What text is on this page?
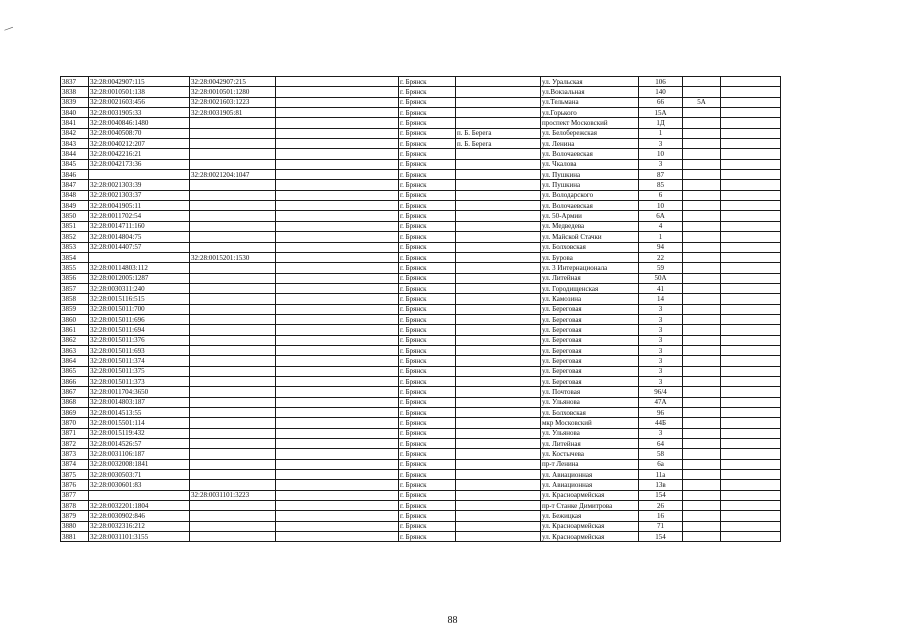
—
3837	32:28:0042907:115	32:28:0042907:215		г. Брянск		ул. Уральская	106		
3838	32:28:0010501:138	32:28:0010501:1280		г. Брянск		ул.Вокзальная	140		
3839	32:28:0021603:456	32:28:0021603:1223		г. Брянск		ул.Тельмана	66	5А	
3840	32:28:0031905:33	32:28:0031905:81		г. Брянск		ул.Горького	15А		
3841	32:28:0040846:1480			г. Брянск		проспект Московский	1Д		
3842	32:28:0040508:70			г. Брянск	п. Б. Берега	ул. Белобережская	1		
3843	32:28:0040212:207			г. Брянск	п. Б. Берега	ул. Ленина	3		
3844	32:28:0042216:21			г. Брянск		ул. Волочаевская	10		
3845	32:28:0042173:36			г. Брянск		ул. Чкалова	3		
3846		32:28:0021204:1047		г. Брянск		ул. Пушкина	87		
3847	32:28:0021303:39			г. Брянск		ул. Пушкина	85		
3848	32:28:0021303:37			г. Брянск		ул. Володарского	6		
3849	32:28:0041905:11			г. Брянск		ул. Волочаевская	10		
3850	32:28:0011702:54			г. Брянск		ул. 50-Армии	6А		
3851	32:28:0014711:160			г. Брянск		ул. Медведева	4		
3852	32:28:0014804:75			г. Брянск		ул. Майской Стачки	1		
3853	32:28:0014407:57			г. Брянск		ул. Болховская	94		
3854		32:28:0015201:1530		г. Брянск		ул. Бурова	22		
3855	32:28:00114803:112			г. Брянск		ул. 3 Интернационала	59		
3856	32:28:0012005:1287			г. Брянск		ул. Литейная	50А		
3857	32:28:0030311:240			г. Брянск		ул. Городищенская	41		
3858	32:28:0015116:515			г. Брянск		ул. Камозина	14		
3859	32:28:0015011:700			г. Брянск		ул. Береговая	3		
3860	32:28:0015011:696			г. Брянск		ул. Береговая	3		
3861	32:28:0015011:694			г. Брянск		ул. Береговая	3		
3862	32:28:0015011:376			г. Брянск		ул. Береговая	3		
3863	32:28:0015011:693			г. Брянск		ул. Береговая	3		
3864	32:28:0015011:374			г. Брянск		ул. Береговая	3		
3865	32:28:0015011:375			г. Брянск		ул. Береговая	3		
3866	32:28:0015011:373			г. Брянск		ул. Береговая	3		
3867	32:28:0011704:3650			г. Брянск		ул. Почтовая	96/4		
3868	32:28:0014803:187			г. Брянск		ул. Ульянова	47А		
3869	32:28:0014513:55			г. Брянск		ул. Болховская	96		
3870	32:28:0015501:114			г. Брянск		мкр Московский	44Б		
3871	32:28:0015119:432			г. Брянск		ул. Ульянова	3		
3872	32:28:0014526:57			г. Брянск		ул. Литейная	64		
3873	32:28:0031106:187			г. Брянск		ул. Костычева	58		
3874	32:28:0032008:1841			г. Брянск		пр-т Ленина	6а		
3875	32:28:0030503:71			г. Брянск		ул. Авиационная	11а		
3876	32:28:0030601:83			г. Брянск		ул. Авиационная	13в		
3877		32:28:0031101:3223		г. Брянск		ул. Красноармейская	154		
3878	32:28:0032201:1804			г. Брянск		пр-т Станке Димитрова	26		
3879	32:28:0030902:846			г. Брянск		ул. Бежицкая	16		
3880	32:28:0032316:212			г. Брянск		ул. Красноармейская	71		
3881	32:28:0031101:3155			г. Брянск		ул. Красноармейская	154		
88
